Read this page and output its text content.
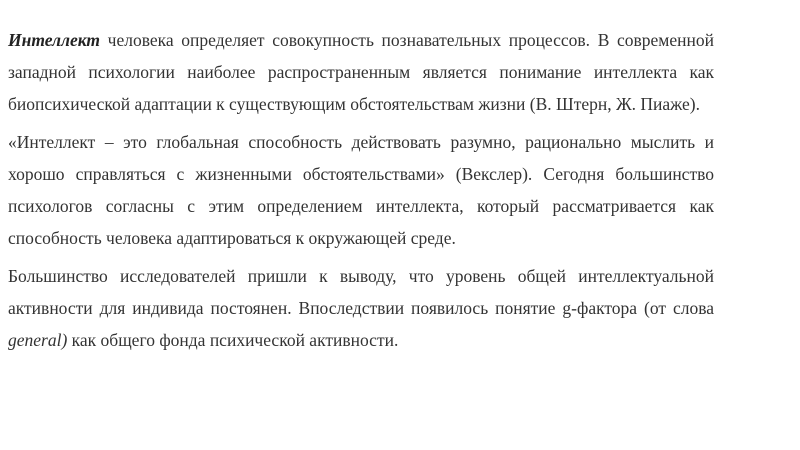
Интеллект человека определяет совокупность познавательных процессов. В современной западной психологии наиболее распространенным является понимание интеллекта как биопсихической адаптации к существующим обстоятельствам жизни (В. Штерн, Ж. Пиаже).

«Интеллект – это глобальная способность действовать разумно, рационально мыслить и хорошо справляться с жизненными обстоятельствами» (Векслер). Сегодня большинство психологов согласны с этим определением интеллекта, который рассматривается как способность человека адаптироваться к окружающей среде.

Большинство исследователей пришли к выводу, что уровень общей интеллектуальной активности для индивида постоянен. Впоследствии появилось понятие g-фактора (от слова general) как общего фонда психической активности.
